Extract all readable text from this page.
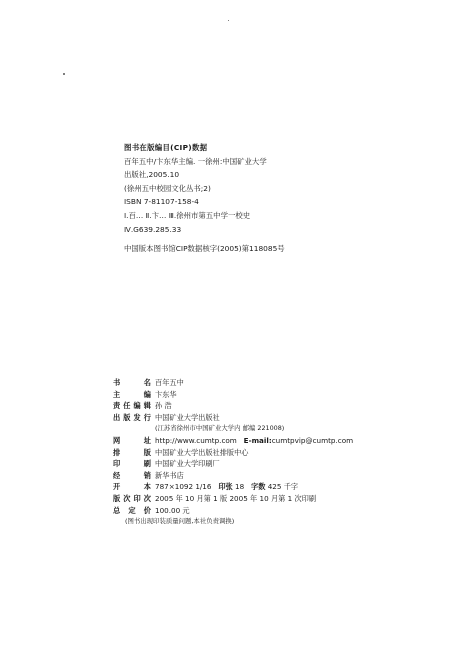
图书在版编目(CIP)数据
百年五中/卞东华主编. 一徐州:中国矿业大学
出版社,2005.10
(徐州五中校园文化丛书;2)
ISBN 7-81107-158-4
Ⅰ.百… Ⅱ.卞… Ⅲ.徐州市第五中学一校史
Ⅳ.G639.285.33
中国版本图书馆CIP数据核字(2005)第118085号
书	名 百年五中
主	编 卞东华
责 任 编 辑 孙 浩
出 版 发 行 中国矿业大学出版社
(江苏省徐州市中国矿业大学内 邮编 221008)
网	址 http://www.cumtp.com E-mail:cumtpvip@cumtp.com
排	版 中国矿业大学出版社排版中心
印	刷 中国矿业大学印刷厂
经	销 新华书店
开	本 787×1092 1/16 印张 18 字数 425 千字
版 次 印 次 2005 年 10 月第 1 版 2005 年 10 月第 1 次印刷
总 定 价 100.00 元
(图书出现印装质量问题,本社负责调换)
